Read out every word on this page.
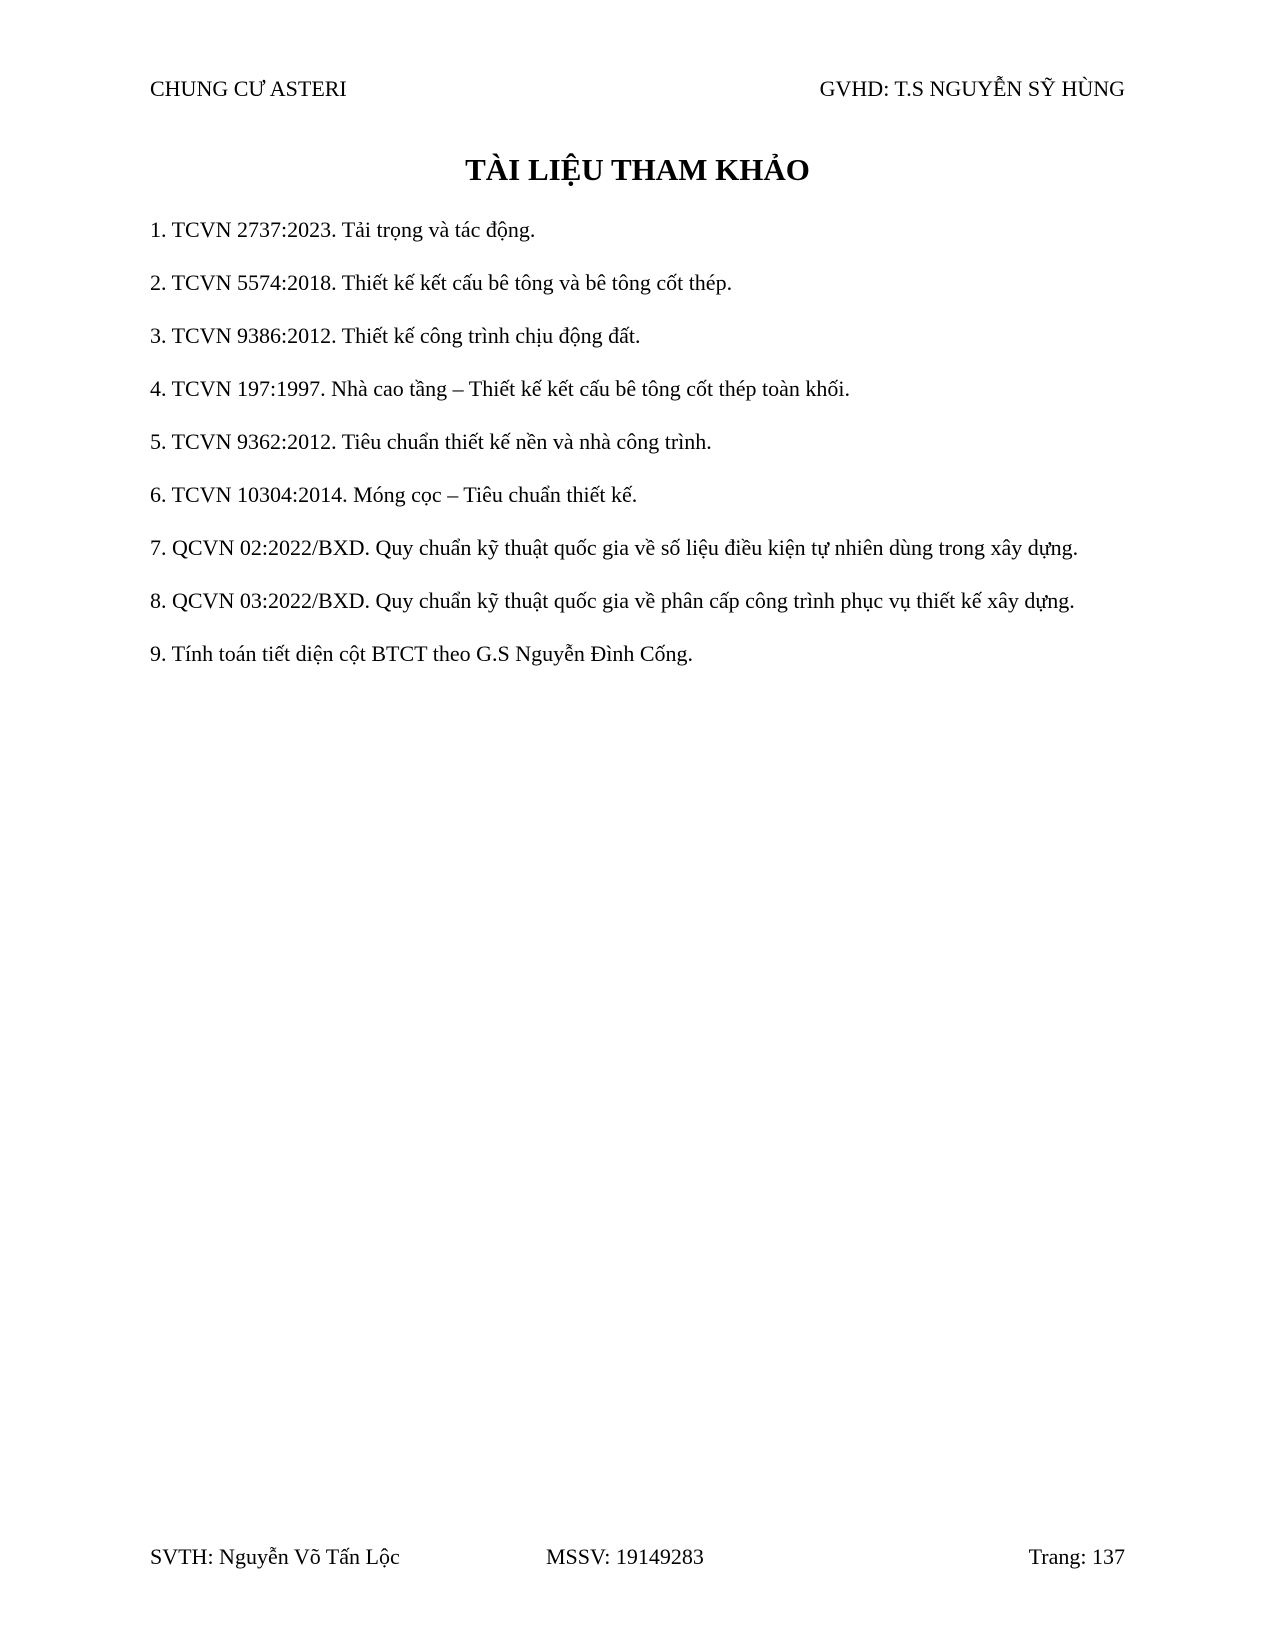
CHUNG CƯ ASTERI	GVHD: T.S NGUYỄN SỸ HÙNG
TÀI LIỆU THAM KHẢO
1. TCVN 2737:2023. Tải trọng và tác động.
2. TCVN 5574:2018. Thiết kế kết cấu bê tông và bê tông cốt thép.
3. TCVN 9386:2012. Thiết kế công trình chịu động đất.
4. TCVN 197:1997. Nhà cao tầng – Thiết kế kết cấu bê tông cốt thép toàn khối.
5. TCVN 9362:2012. Tiêu chuẩn thiết kế nền và nhà công trình.
6. TCVN 10304:2014. Móng cọc – Tiêu chuẩn thiết kế.
7. QCVN 02:2022/BXD. Quy chuẩn kỹ thuật quốc gia về số liệu điều kiện tự nhiên dùng trong xây dựng.
8. QCVN 03:2022/BXD. Quy chuẩn kỹ thuật quốc gia về phân cấp công trình phục vụ thiết kế xây dựng.
9. Tính toán tiết diện cột BTCT theo G.S Nguyễn Đình Cống.
SVTH: Nguyễn Võ Tấn Lộc	MSSV: 19149283	Trang: 137
